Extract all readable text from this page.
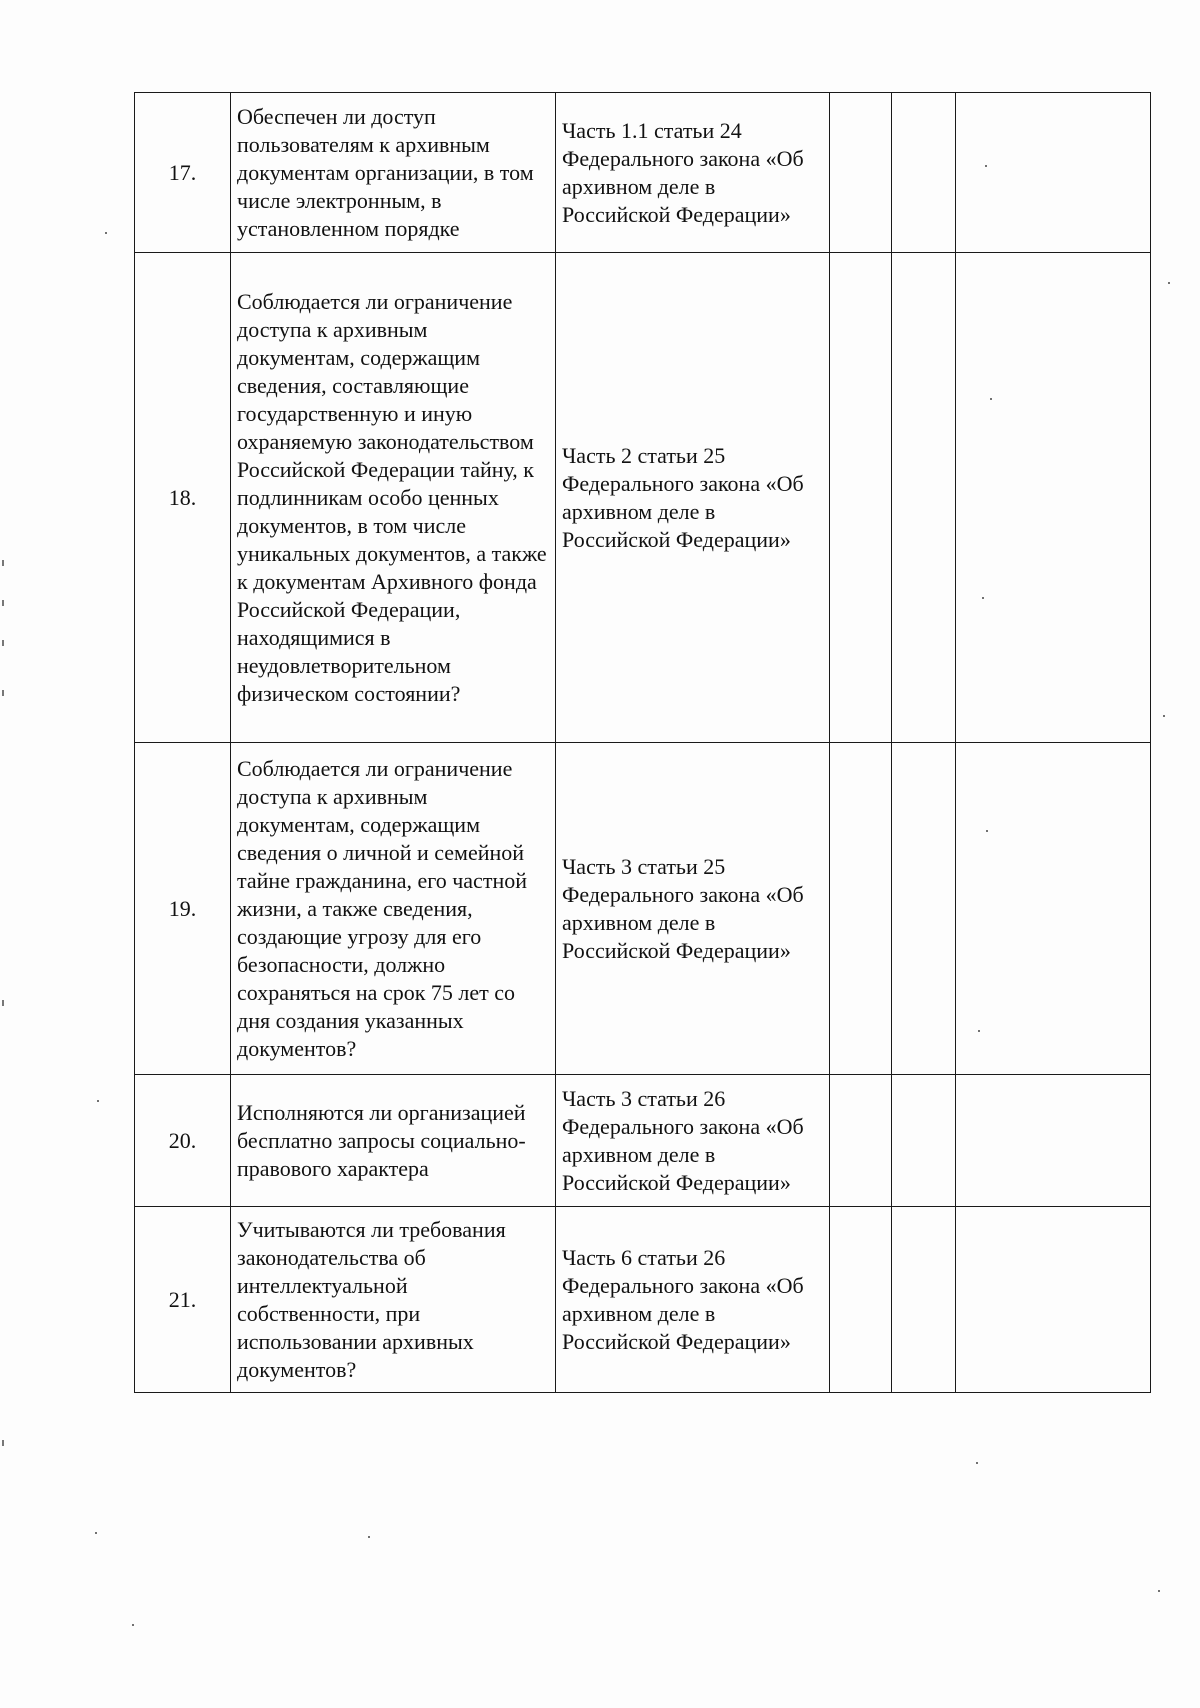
17.	Обеспечен ли доступ пользователям к архивным документам организации, в том числе электронным, в установленном порядке	Часть 1.1 статьи 24 Федерального закона «Об архивном деле в Российской Федерации»			
18.	Соблюдается ли ограничение доступа к архивным документам, содержащим сведения, составляющие государственную и иную охраняемую законодательством Российской Федерации тайну, к подлинникам особо ценных документов, в том числе уникальных документов, а также к документам Архивного фонда Российской Федерации, находящимися в неудовлетворительном физическом состоянии?	Часть 2 статьи 25 Федерального закона «Об архивном деле в Российской Федерации»			
19.	Соблюдается ли ограничение доступа к архивным документам, содержащим сведения о личной и семейной тайне гражданина, его частной жизни, а также сведения, создающие угрозу для его безопасности, должно сохраняться на срок 75 лет со дня создания указанных документов?	Часть 3 статьи 25 Федерального закона «Об архивном деле в Российской Федерации»			
20.	Исполняются ли организацией бесплатно запросы социально-правового характера	Часть 3 статьи 26 Федерального закона «Об архивном деле в Российской Федерации»			
21.	Учитываются ли требования законодательства об интеллектуальной собственности, при использовании архивных документов?	Часть 6 статьи 26 Федерального закона «Об архивном деле в Российской Федерации»			
